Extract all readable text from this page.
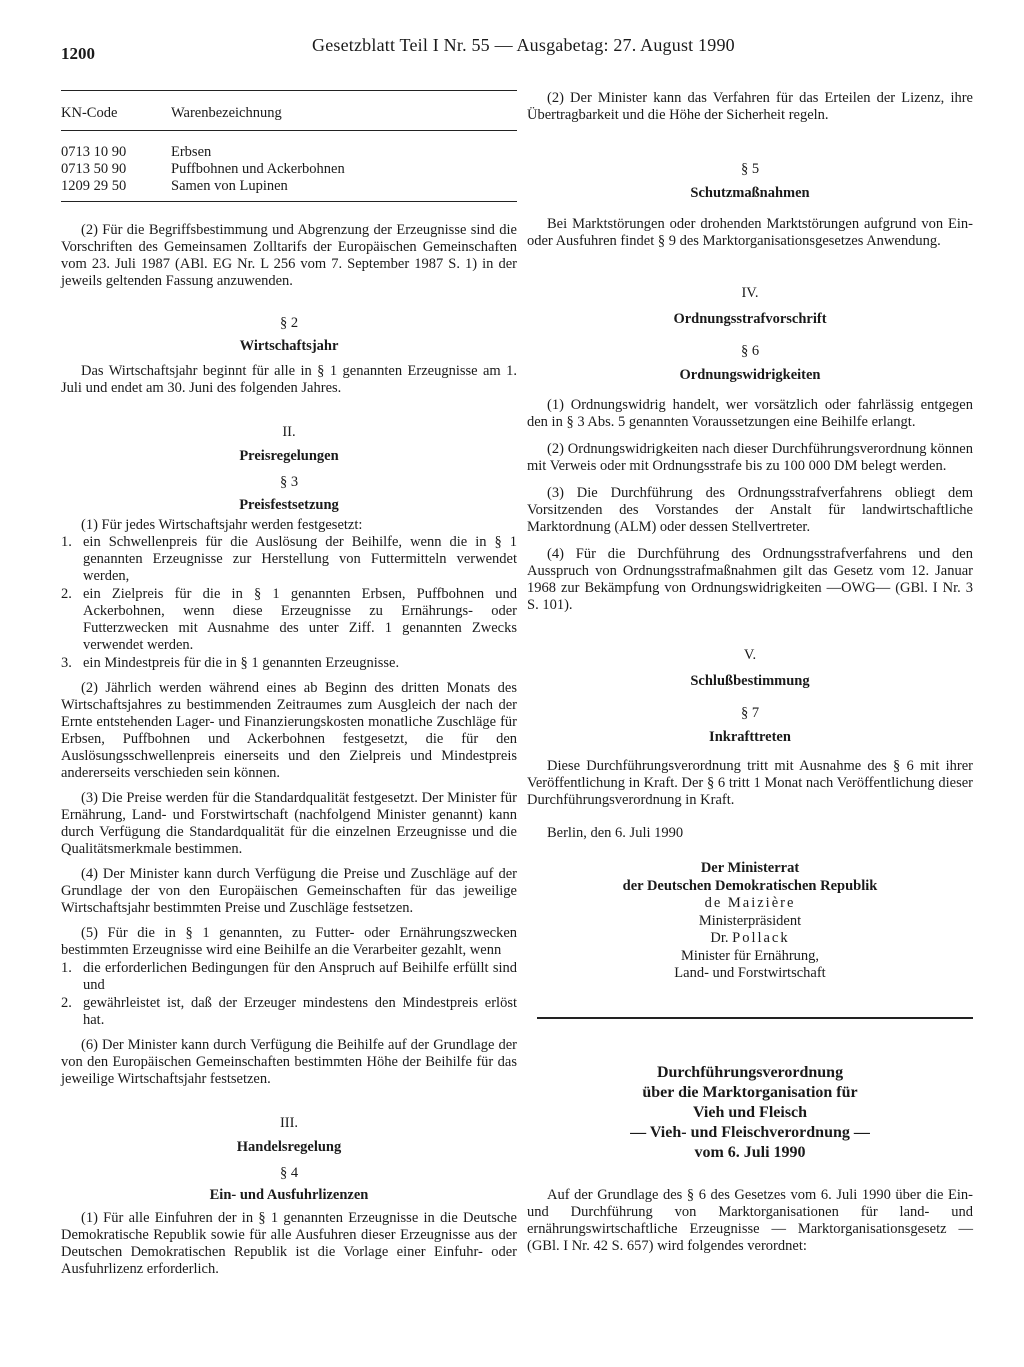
1200	Gesetzblatt Teil I Nr. 55 — Ausgabetag: 27. August 1990
KN-Code	Warenbezeichnung
0713 10 90	Erbsen
0713 50 90	Puffbohnen und Ackerbohnen
1209 29 50	Samen von Lupinen

(2) Für die Begriffsbestimmung und Abgrenzung der Erzeugnisse sind die Vorschriften des Gemeinsamen Zolltarifs der Europäischen Gemeinschaften vom 23. Juli 1987 (ABl. EG Nr. L 256 vom 7. September 1987 S. 1) in der jeweils geltenden Fassung anzuwenden.

§ 2
Wirtschaftsjahr

Das Wirtschaftsjahr beginnt für alle in § 1 genannten Erzeugnisse am 1. Juli und endet am 30. Juni des folgenden Jahres.

II.
Preisregelungen
§ 3
Preisfestsetzung

(1) Für jedes Wirtschaftsjahr werden festgesetzt:

1. ein Schwellenpreis für die Auslösung der Beihilfe, wenn die in § 1 genannten Erzeugnisse zur Herstellung von Futtermitteln verwendet werden,
2. ein Zielpreis für die in § 1 genannten Erbsen, Puffbohnen und Ackerbohnen, wenn diese Erzeugnisse zu Ernährungs- oder Futterzwecken mit Ausnahme des unter Ziff. 1 genannten Zwecks verwendet werden.
3. ein Mindestpreis für die in § 1 genannten Erzeugnisse.

(2) Jährlich werden während eines ab Beginn des dritten Monats des Wirtschaftsjahres zu bestimmenden Zeitraumes zum Ausgleich der nach der Ernte entstehenden Lager- und Finanzierungskosten monatliche Zuschläge für Erbsen, Puffbohnen und Ackerbohnen festgesetzt, die für den Auslösungsschwellenpreis einerseits und den Zielpreis und Mindestpreis andererseits verschieden sein können.

(3) Die Preise werden für die Standardqualität festgesetzt. Der Minister für Ernährung, Land- und Forstwirtschaft (nachfolgend Minister genannt) kann durch Verfügung die Standardqualität für die einzelnen Erzeugnisse und die Qualitätsmerkmale bestimmen.

(4) Der Minister kann durch Verfügung die Preise und Zuschläge auf der Grundlage der von den Europäischen Gemeinschaften für das jeweilige Wirtschaftsjahr bestimmten Preise und Zuschläge festsetzen.

(5) Für die in § 1 genannten, zu Futter- oder Ernährungszwecken bestimmten Erzeugnisse wird eine Beihilfe an die Verarbeiter gezahlt, wenn

1. die erforderlichen Bedingungen für den Anspruch auf Beihilfe erfüllt sind und
2. gewährleistet ist, daß der Erzeuger mindestens den Mindestpreis erlöst hat.

(6) Der Minister kann durch Verfügung die Beihilfe auf der Grundlage der von den Europäischen Gemeinschaften bestimmten Höhe der Beihilfe für das jeweilige Wirtschaftsjahr festsetzen.

III.
Handelsregelung
§ 4
Ein- und Ausfuhrlizenzen

(1) Für alle Einfuhren der in § 1 genannten Erzeugnisse in die Deutsche Demokratische Republik sowie für alle Ausfuhren dieser Erzeugnisse aus der Deutschen Demokratischen Republik ist die Vorlage einer Einfuhr- oder Ausfuhrlizenz erforderlich.

(2) Der Minister kann das Verfahren für das Erteilen der Lizenz, ihre Übertragbarkeit und die Höhe der Sicherheit regeln.

§ 5
Schutzmaßnahmen

Bei Marktstörungen oder drohenden Marktstörungen aufgrund von Ein- oder Ausfuhren findet § 9 des Marktorganisationsgesetzes Anwendung.

IV.
Ordnungsstrafvorschrift
§ 6
Ordnungswidrigkeiten

(1) Ordnungswidrig handelt, wer vorsätzlich oder fahrlässig entgegen den in § 3 Abs. 5 genannten Voraussetzungen eine Beihilfe erlangt.

(2) Ordnungswidrigkeiten nach dieser Durchführungsverordnung können mit Verweis oder mit Ordnungsstrafe bis zu 100 000 DM belegt werden.

(3) Die Durchführung des Ordnungsstrafverfahrens obliegt dem Vorsitzenden des Vorstandes der Anstalt für landwirtschaftliche Marktordnung (ALM) oder dessen Stellvertreter.

(4) Für die Durchführung des Ordnungsstrafverfahrens und den Ausspruch von Ordnungsstrafmaßnahmen gilt das Gesetz vom 12. Januar 1968 zur Bekämpfung von Ordnungswidrigkeiten —OWG— (GBl. I Nr. 3 S. 101).

V.
Schlußbestimmung
§ 7
Inkrafttreten

Diese Durchführungsverordnung tritt mit Ausnahme des § 6 mit ihrer Veröffentlichung in Kraft. Der § 6 tritt 1 Monat nach Veröffentlichung dieser Durchführungsverordnung in Kraft.

Berlin, den 6. Juli 1990

Der Ministerrat
der Deutschen Demokratischen Republik
de Maizière
Ministerpräsident
Dr. Pollack
Minister für Ernährung,
Land- und Forstwirtschaft
Durchführungsverordnung
über die Marktorganisation für
Vieh und Fleisch
— Vieh- und Fleischverordnung —
vom 6. Juli 1990

Auf der Grundlage des § 6 des Gesetzes vom 6. Juli 1990 über die Ein- und Durchführung von Marktorganisationen für land- und ernährungswirtschaftliche Erzeugnisse — Marktorganisationsgesetz — (GBl. I Nr. 42 S. 657) wird folgendes verordnet:
